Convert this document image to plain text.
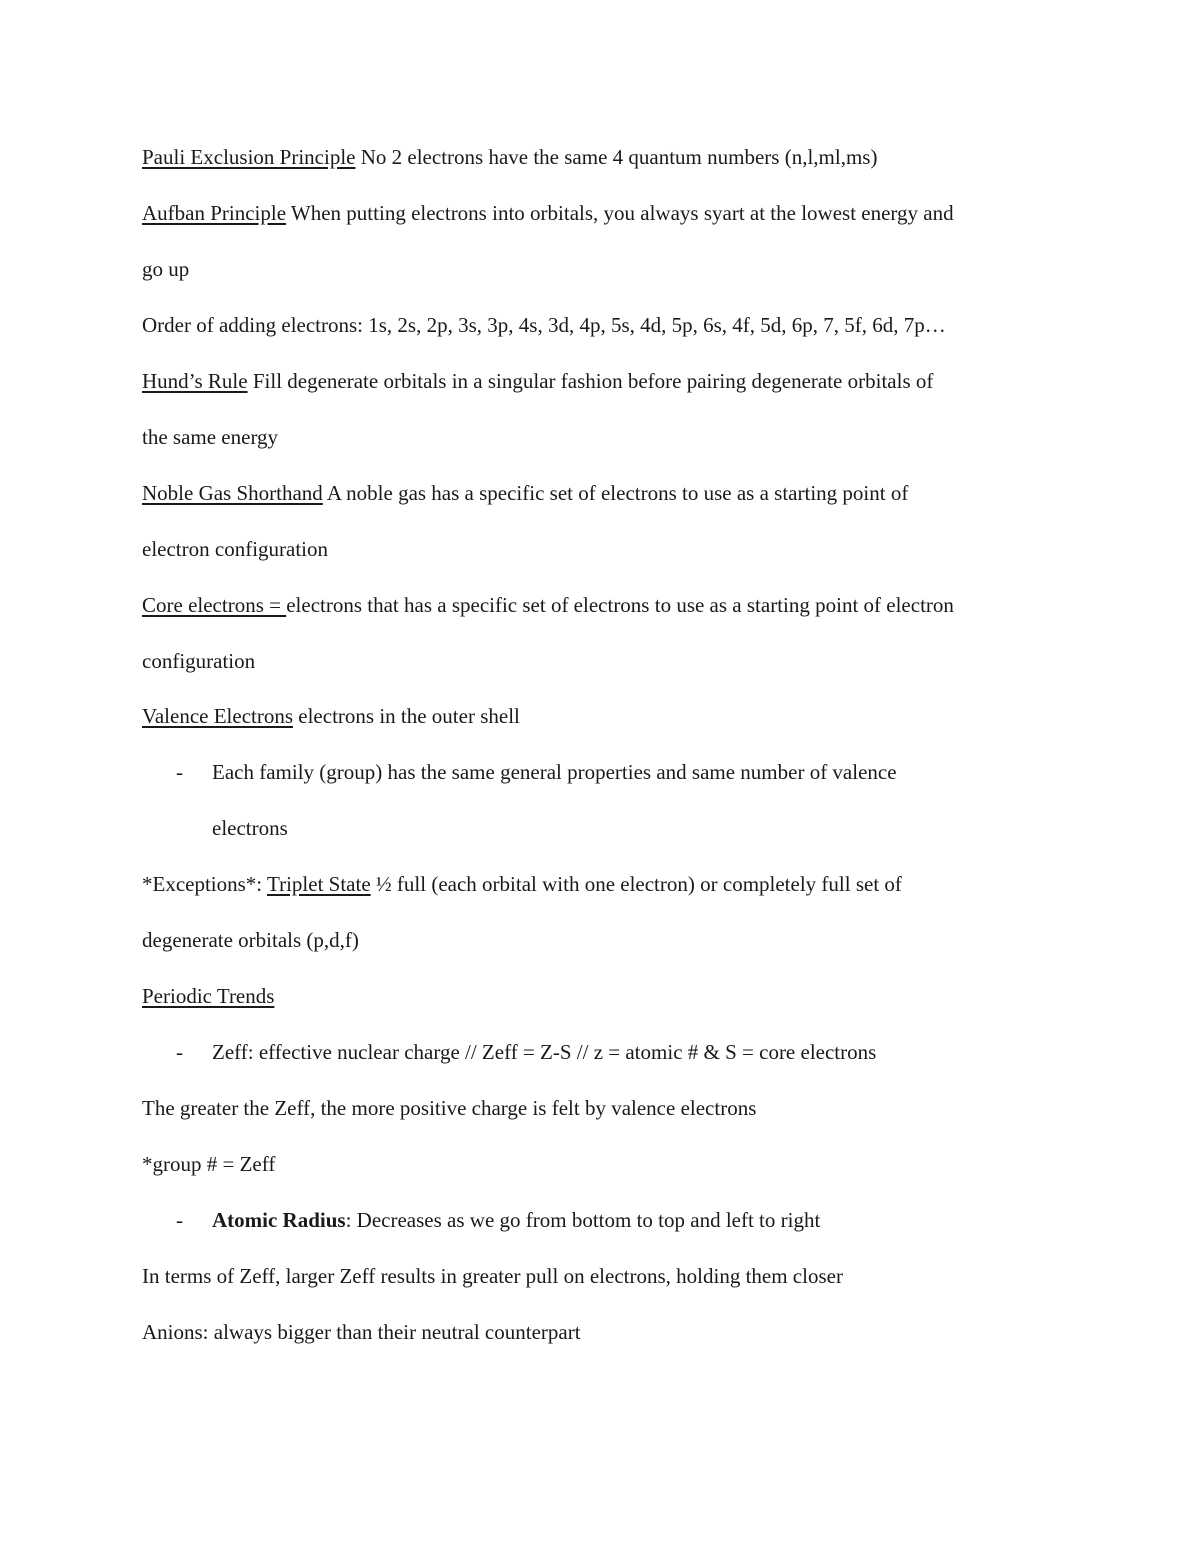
Pauli Exclusion Principle No 2 electrons have the same 4 quantum numbers (n,l,ml,ms)
Aufban Principle When putting electrons into orbitals, you always syart at the lowest energy and
go up
Order of adding electrons: 1s, 2s, 2p, 3s, 3p, 4s, 3d, 4p, 5s, 4d, 5p, 6s, 4f, 5d, 6p, 7, 5f, 6d, 7p…
Hund’s Rule Fill degenerate orbitals in a singular fashion before pairing degenerate orbitals of
the same energy
Noble Gas Shorthand A noble gas has a specific set of electrons to use as a starting point of
electron configuration
Core electrons = electrons that has a specific set of electrons to use as a starting point of electron
configuration
Valence Electrons electrons in the outer shell
- Each family (group) has the same general properties and same number of valence
electrons
*Exceptions*: Triplet State ½ full (each orbital with one electron) or completely full set of
degenerate orbitals (p,d,f)
Periodic Trends
- Zeff: effective nuclear charge // Zeff = Z-S // z = atomic # & S = core electrons
The greater the Zeff, the more positive charge is felt by valence electrons
*group # = Zeff
- Atomic Radius: Decreases as we go from bottom to top and left to right
In terms of Zeff, larger Zeff results in greater pull on electrons, holding them closer
Anions: always bigger than their neutral counterpart
